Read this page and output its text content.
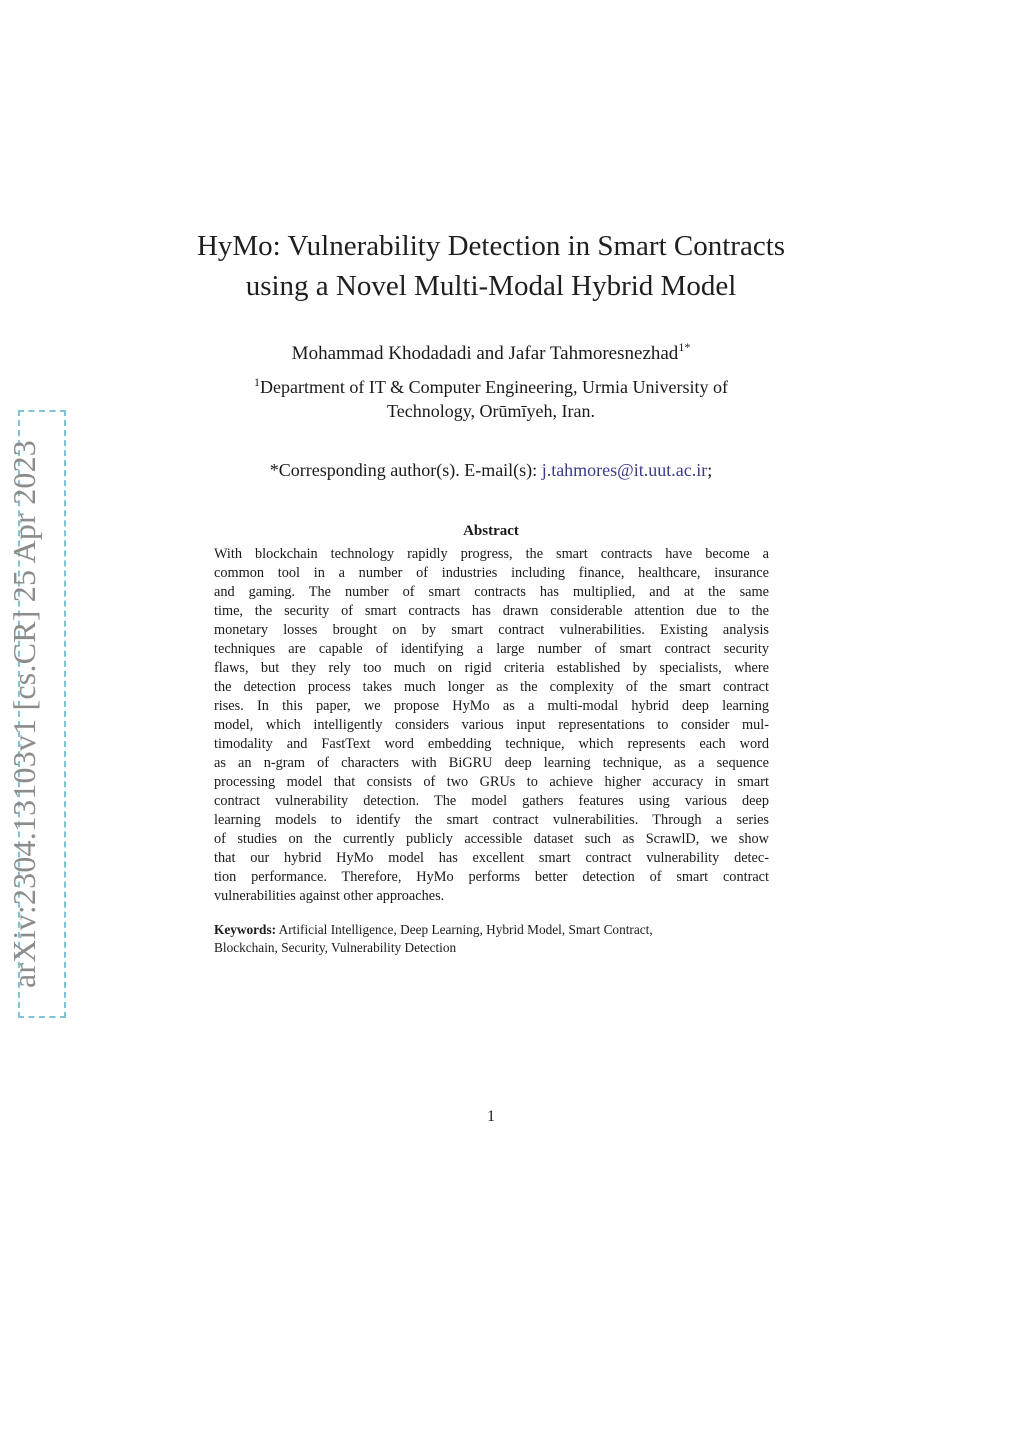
arXiv:2304.13103v1 [cs.CR] 25 Apr 2023
HyMo: Vulnerability Detection in Smart Contracts
using a Novel Multi-Modal Hybrid Model
Mohammad Khodadadi and Jafar Tahmoresnezhad$^{1*}$
$^1$Department of IT & Computer Engineering, Urmia University of
Technology, Orūmīyeh, Iran.
*Corresponding author(s). E-mail(s): j.tahmores@it.uut.ac.ir;
Abstract
With blockchain technology rapidly progress, the smart contracts have become a
common tool in a number of industries including finance, healthcare, insurance
and gaming. The number of smart contracts has multiplied, and at the same
time, the security of smart contracts has drawn considerable attention due to the
monetary losses brought on by smart contract vulnerabilities. Existing analysis
techniques are capable of identifying a large number of smart contract security
flaws, but they rely too much on rigid criteria established by specialists, where
the detection process takes much longer as the complexity of the smart contract
rises. In this paper, we propose HyMo as a multi-modal hybrid deep learning
model, which intelligently considers various input representations to consider mul-
timodality and FastText word embedding technique, which represents each word
as an n-gram of characters with BiGRU deep learning technique, as a sequence
processing model that consists of two GRUs to achieve higher accuracy in smart
contract vulnerability detection. The model gathers features using various deep
learning models to identify the smart contract vulnerabilities. Through a series
of studies on the currently publicly accessible dataset such as ScrawlD, we show
that our hybrid HyMo model has excellent smart contract vulnerability detec-
tion performance. Therefore, HyMo performs better detection of smart contract
vulnerabilities against other approaches.
Keywords: Artificial Intelligence, Deep Learning, Hybrid Model, Smart Contract,
Blockchain, Security, Vulnerability Detection
1
